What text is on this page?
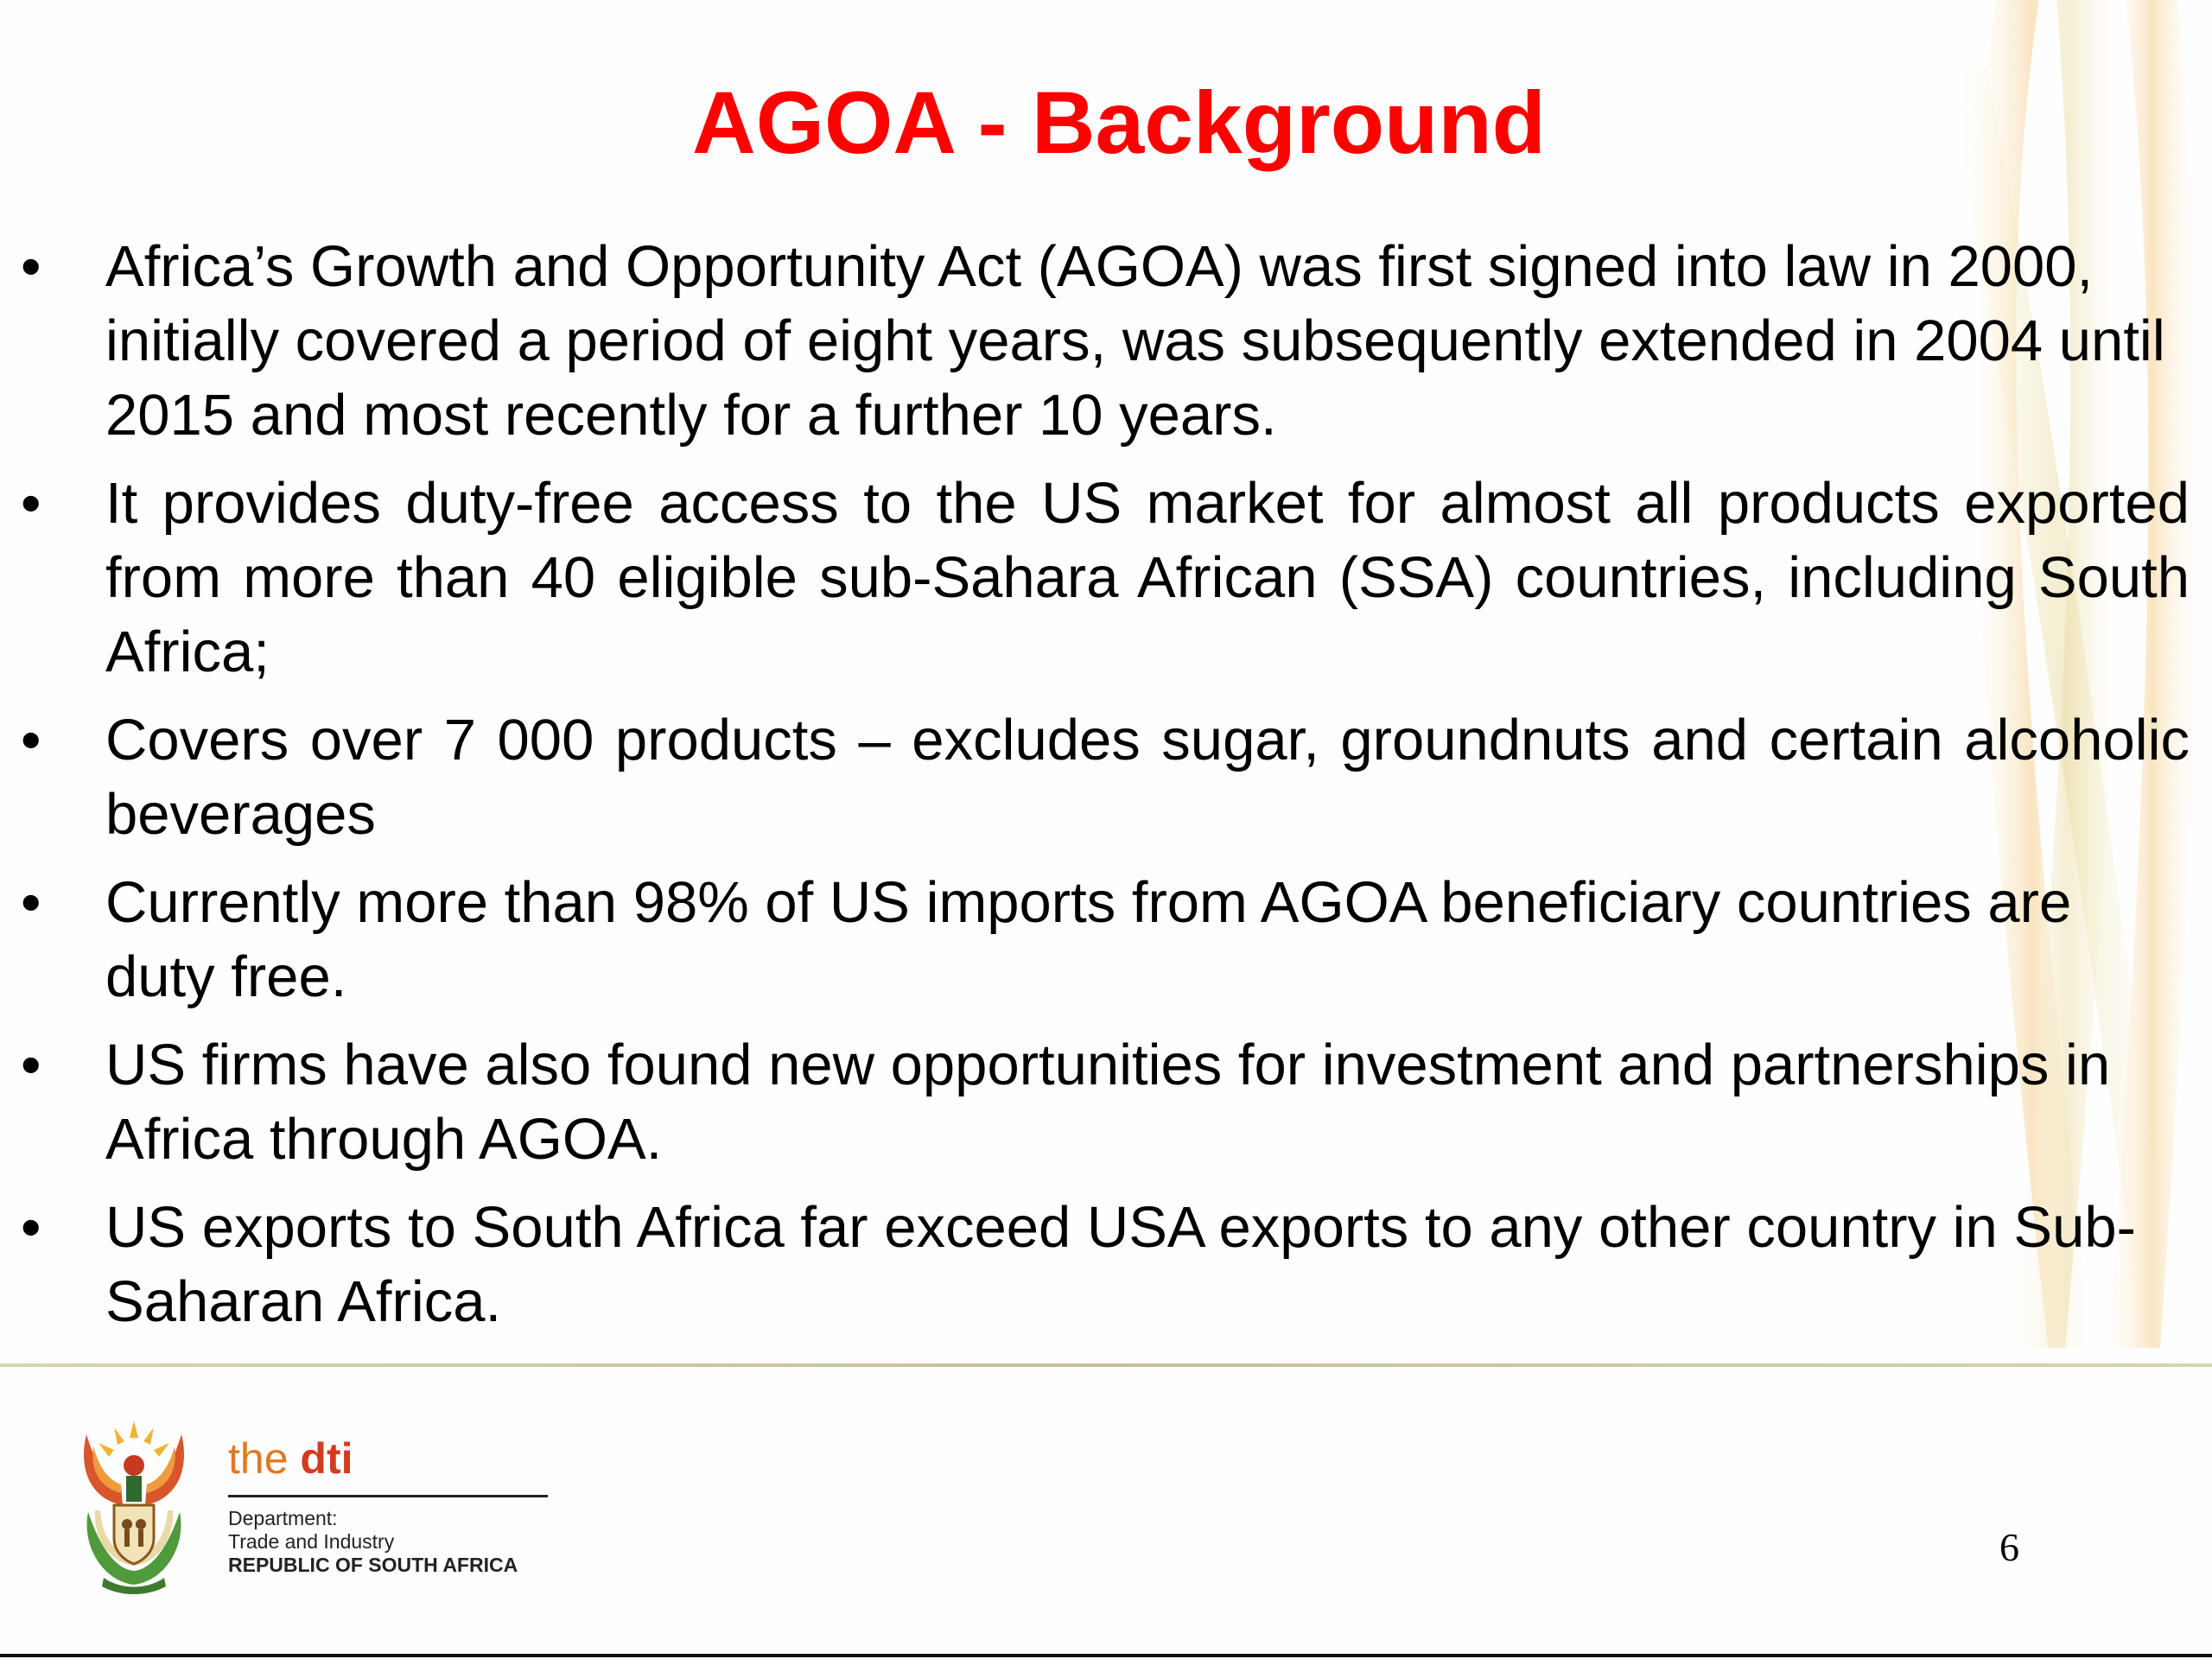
AGOA - Background
•	Africa’s Growth and Opportunity Act (AGOA) was first signed into law in 2000, initially covered a period of eight years, was subsequently extended in 2004 until 2015 and most recently for a further 10 years.
•	It provides duty-free access to the US market for almost all products exported from more than 40 eligible sub-Sahara African (SSA) countries, including South Africa;
•	Covers over 7 000 products – excludes sugar, groundnuts and certain alcoholic beverages
•	Currently more than 98% of US imports from AGOA beneficiary countries are duty free.
•	US firms have also found new opportunities for investment and partnerships in Africa through AGOA.
•	US exports to South Africa far exceed USA exports to any other country in Sub-Saharan Africa.
the dti
Department:
Trade and Industry
REPUBLIC OF SOUTH AFRICA	6
